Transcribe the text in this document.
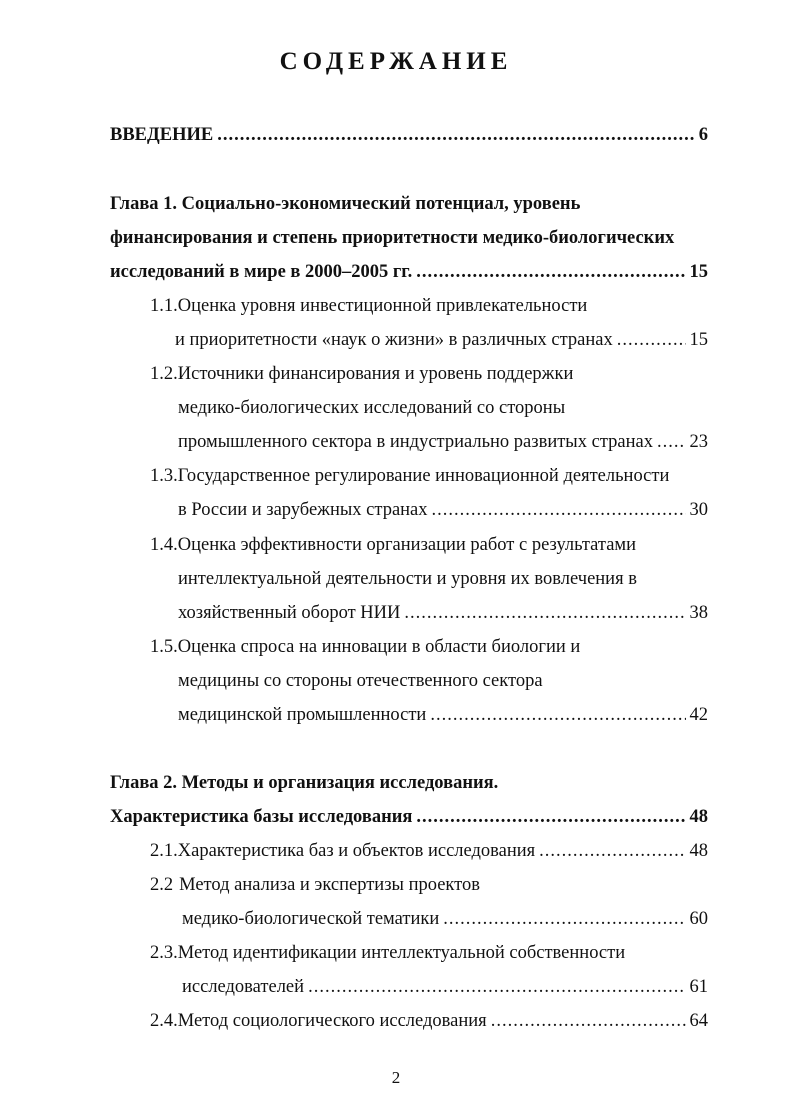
СОДЕРЖАНИЕ
ВВЕДЕНИЕ .....	6
Глава 1. Социально-экономический потенциал, уровень
финансирования и степень приоритетности медико-биологических
исследований в мире в 2000–2005 гг. .....	15
1.1.Оценка уровня инвестиционной привлекательности
и приоритетности «наук о жизни» в различных странах .....	15
1.2.Источники финансирования и уровень поддержки
медико-биологических исследований со стороны
промышленного сектора в индустриально развитых странах ..... 23
1.3.Государственное регулирование инновационной деятельности
в России и зарубежных странах .....	30
1.4.Оценка эффективности организации работ с результатами
интеллектуальной деятельности и уровня их вовлечения в
хозяйственный оборот НИИ .....	38
1.5.Оценка спроса на инновации в области биологии и
медицины со стороны отечественного сектора
медицинской промышленности .....	42
Глава 2. Методы и организация исследования.
Характеристика базы исследования .....	48
2.1.Характеристика баз и объектов исследования .....	48
2.2 Метод анализа и экспертизы проектов
медико-биологической тематики .....	60
2.3.Метод идентификации интеллектуальной собственности
исследователей .....	61
2.4.Метод социологического исследования .....	64
2
